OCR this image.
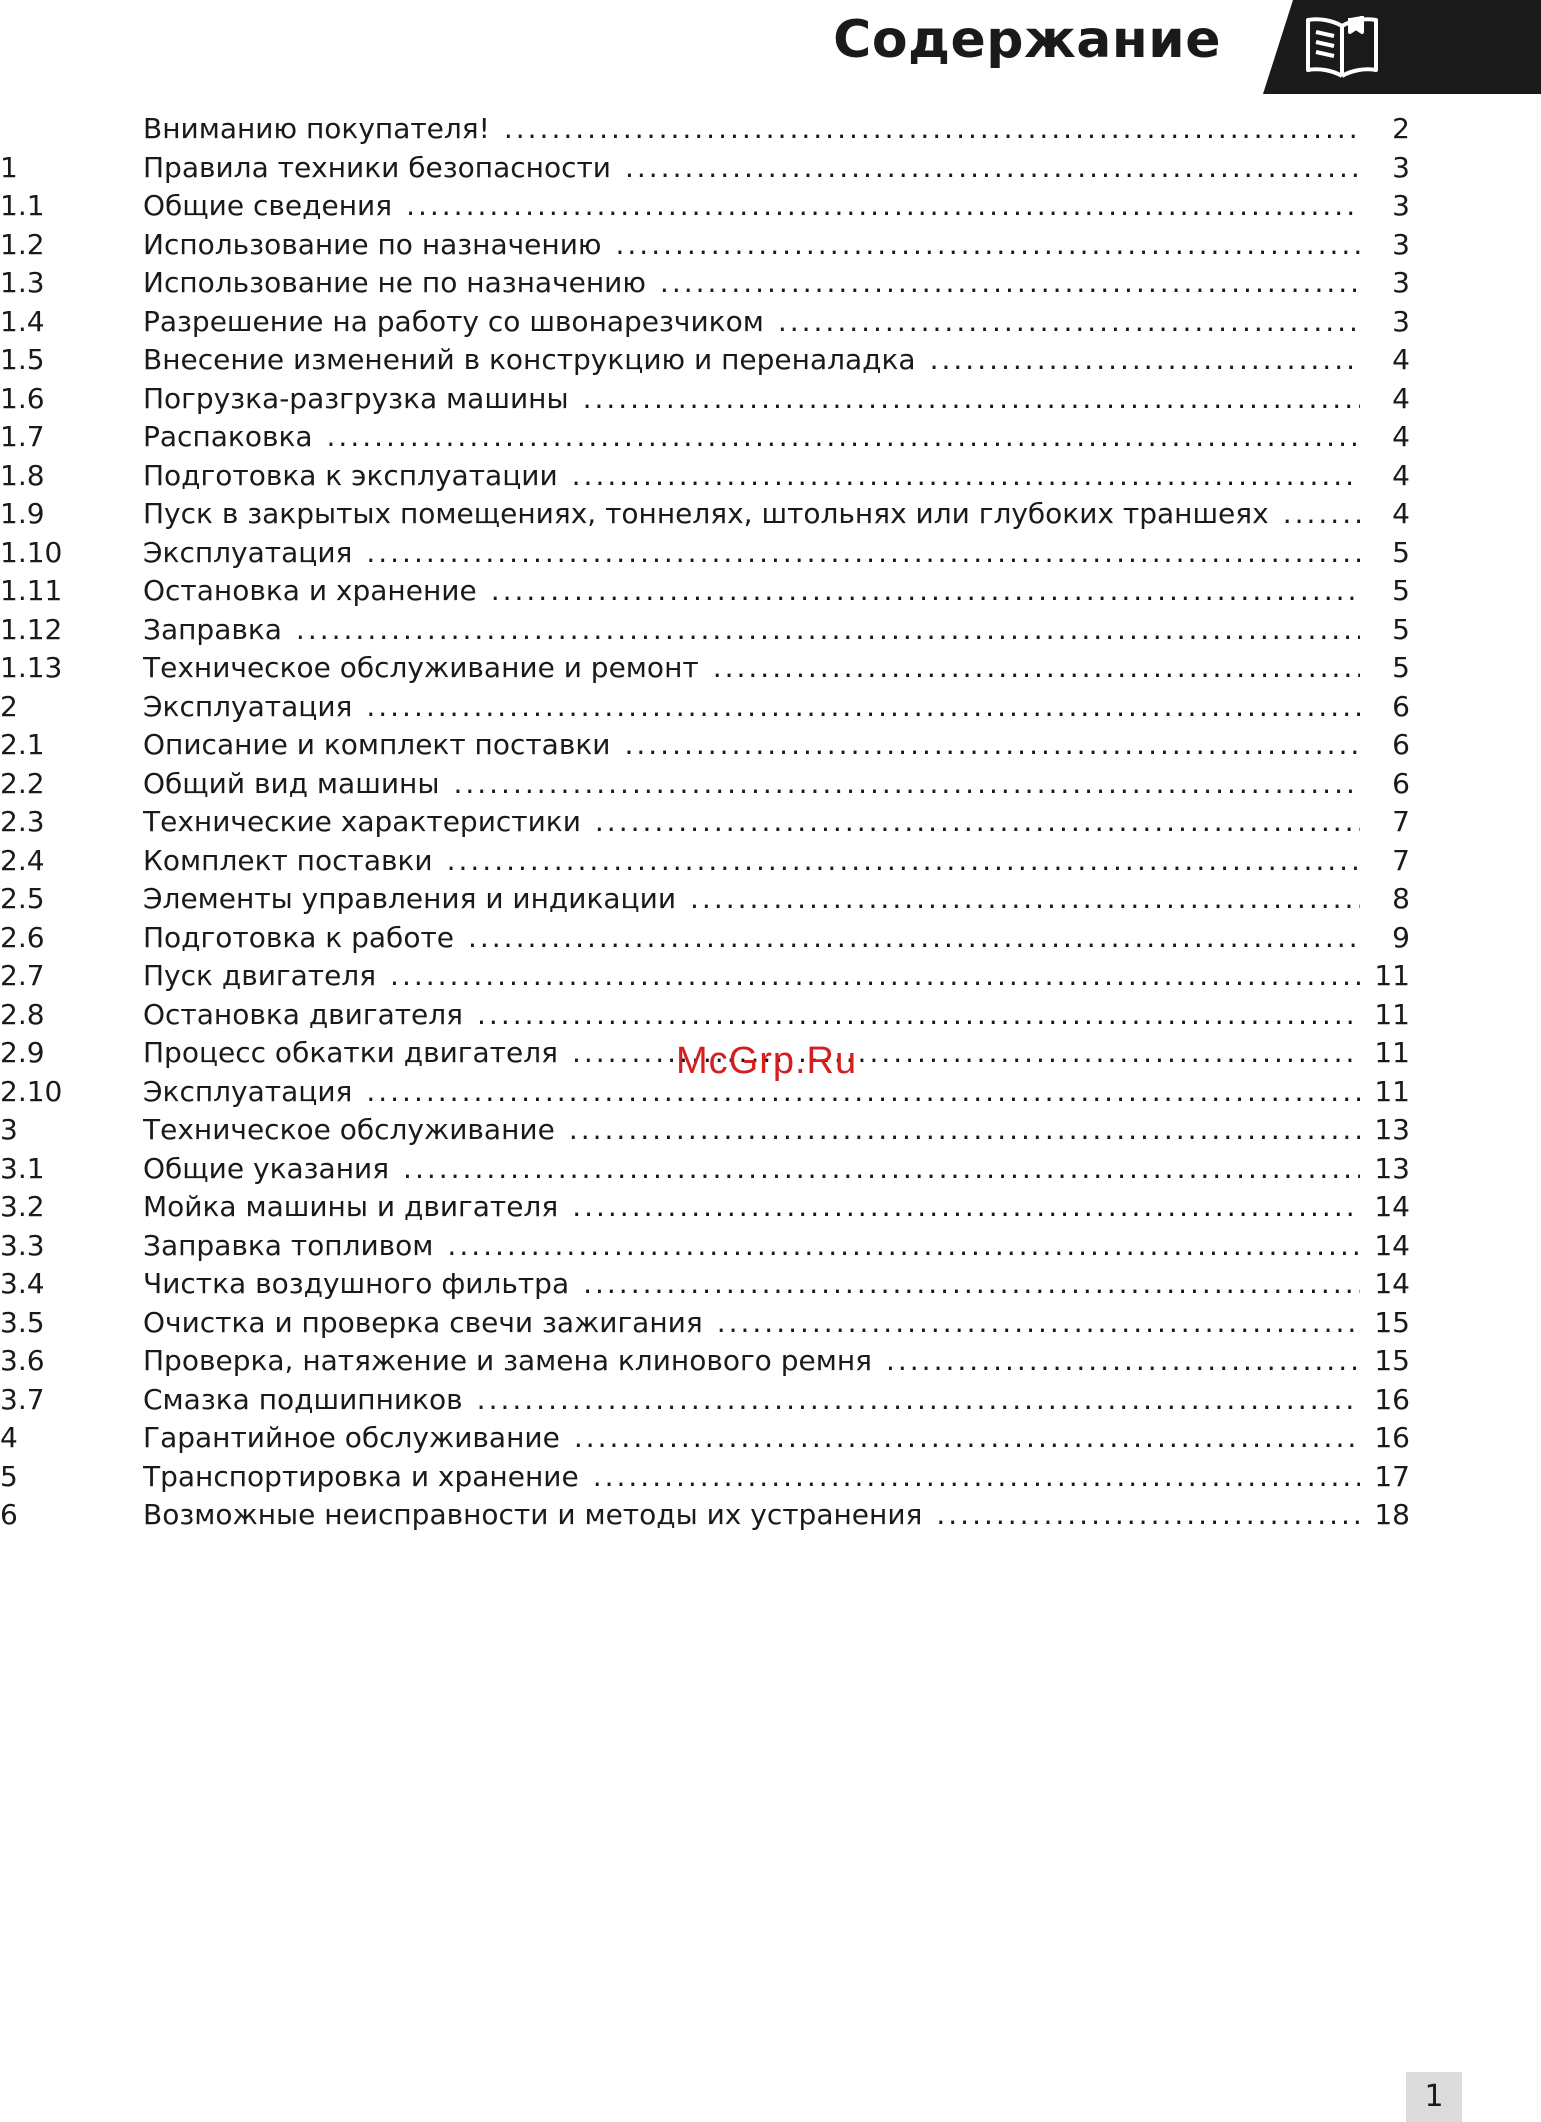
Содержание
Вниманию покупателя! .....	2
1	Правила техники безопасности .....	3
1.1	Общие сведения .....	3
1.2	Использование по назначению .....	3
1.3	Использование не по назначению .....	3
1.4	Разрешение на работу со швонарезчиком .....	3
1.5	Внесение изменений в конструкцию и переналадка .....	4
1.6	Погрузка-разгрузка машины .....	4
1.7	Распаковка .....	4
1.8	Подготовка к эксплуатации .....	4
1.9	Пуск в закрытых помещениях, тоннелях, штольнях или глубоких траншеях .....	4
1.10	Эксплуатация .....	5
1.11	Остановка и хранение .....	5
1.12	Заправка .....	5
1.13	Техническое обслуживание и ремонт .....	5
2	Эксплуатация .....	6
2.1	Описание и комплект поставки .....	6
2.2	Общий вид машины .....	6
2.3	Технические характеристики .....	7
2.4	Комплект поставки .....	7
2.5	Элементы управления и индикации .....	8
2.6	Подготовка к работе .....	9
2.7	Пуск двигателя .....	11
2.8	Остановка двигателя .....	11
2.9	Процесс обкатки двигателя .....	11
2.10	Эксплуатация .....	11
3	Техническое обслуживание .....	13
3.1	Общие указания .....	13
3.2	Мойка машины и двигателя .....	14
3.3	Заправка топливом .....	14
3.4	Чистка воздушного фильтра .....	14
3.5	Очистка и проверка свечи зажигания .....	15
3.6	Проверка, натяжение и замена клинового ремня .....	15
3.7	Смазка подшипников .....	16
4	Гарантийное обслуживание .....	16
5	Транспортировка и хранение .....	17
6	Возможные неисправности и методы их устранения .....	18
McGrp.Ru
1
